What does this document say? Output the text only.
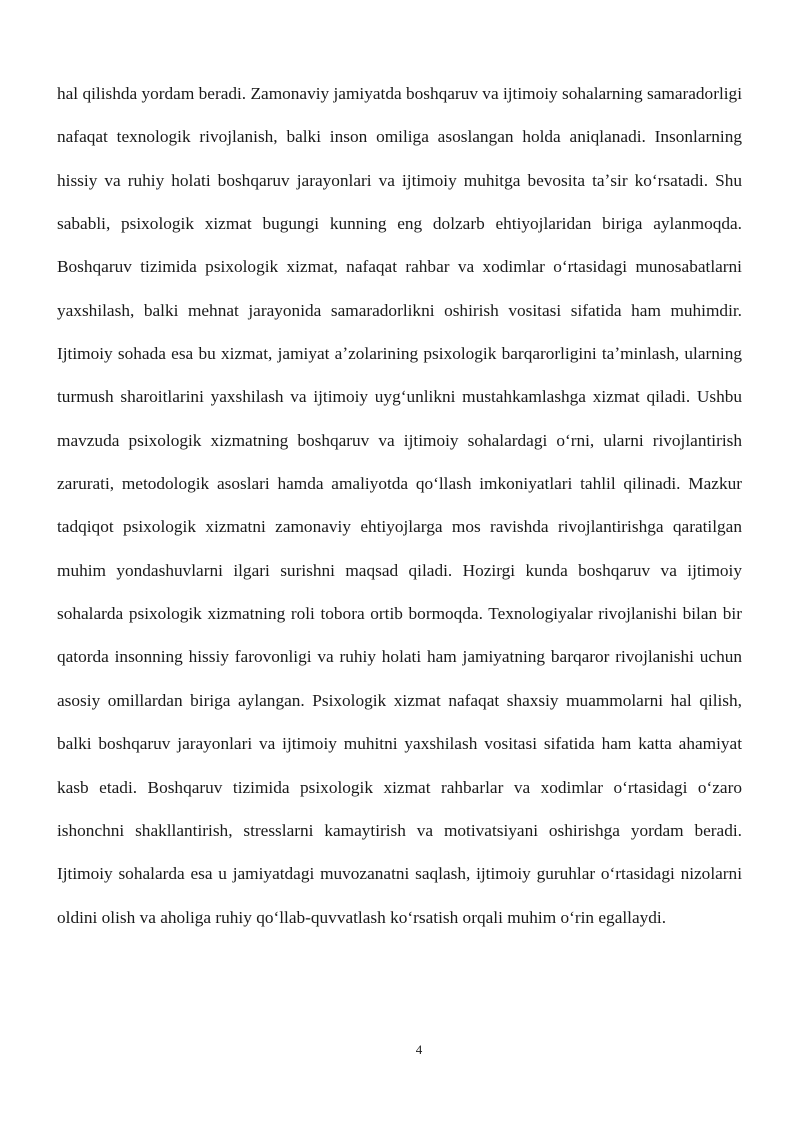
hal qilishda yordam beradi. Zamonaviy jamiyatda boshqaruv va ijtimoiy sohalarning samaradorligi nafaqat texnologik rivojlanish, balki inson omiliga asoslangan holda aniqlanadi. Insonlarning hissiy va ruhiy holati boshqaruv jarayonlari va ijtimoiy muhitga bevosita taʼsir koʻrsatadi. Shu sababli, psixologik xizmat bugungi kunning eng dolzarb ehtiyojlaridan biriga aylanmoqda. Boshqaruv tizimida psixologik xizmat, nafaqat rahbar va xodimlar oʻrtasidagi munosabatlarni yaxshilash, balki mehnat jarayonida samaradorlikni oshirish vositasi sifatida ham muhimdir. Ijtimoiy sohada esa bu xizmat, jamiyat aʼzolarining psixologik barqarorligini taʼminlash, ularning turmush sharoitlarini yaxshilash va ijtimoiy uygʻunlikni mustahkamlashga xizmat qiladi. Ushbu mavzuda psixologik xizmatning boshqaruv va ijtimoiy sohalardagi oʻrni, ularni rivojlantirish zarurati, metodologik asoslari hamda amaliyotda qoʻllash imkoniyatlari tahlil qilinadi. Mazkur tadqiqot psixologik xizmatni zamonaviy ehtiyojlarga mos ravishda rivojlantirishga qaratilgan muhim yondashuvlarni ilgari surishni maqsad qiladi. Hozirgi kunda boshqaruv va ijtimoiy sohalarda psixologik xizmatning roli tobora ortib bormoqda. Texnologiyalar rivojlanishi bilan bir qatorda insonning hissiy farovonligi va ruhiy holati ham jamiyatning barqaror rivojlanishi uchun asosiy omillardan biriga aylangan. Psixologik xizmat nafaqat shaxsiy muammolarni hal qilish, balki boshqaruv jarayonlari va ijtimoiy muhitni yaxshilash vositasi sifatida ham katta ahamiyat kasb etadi. Boshqaruv tizimida psixologik xizmat rahbarlar va xodimlar oʻrtasidagi oʻzaro ishonchni shakllantirish, stresslarni kamaytirish va motivatsiyani oshirishga yordam beradi. Ijtimoiy sohalarda esa u jamiyatdagi muvozanatni saqlash, ijtimoiy guruhlar oʻrtasidagi nizolarni oldini olish va aholiga ruhiy qoʻllab-quvvatlash koʻrsatish orqali muhim oʻrin egallaydi.

4
